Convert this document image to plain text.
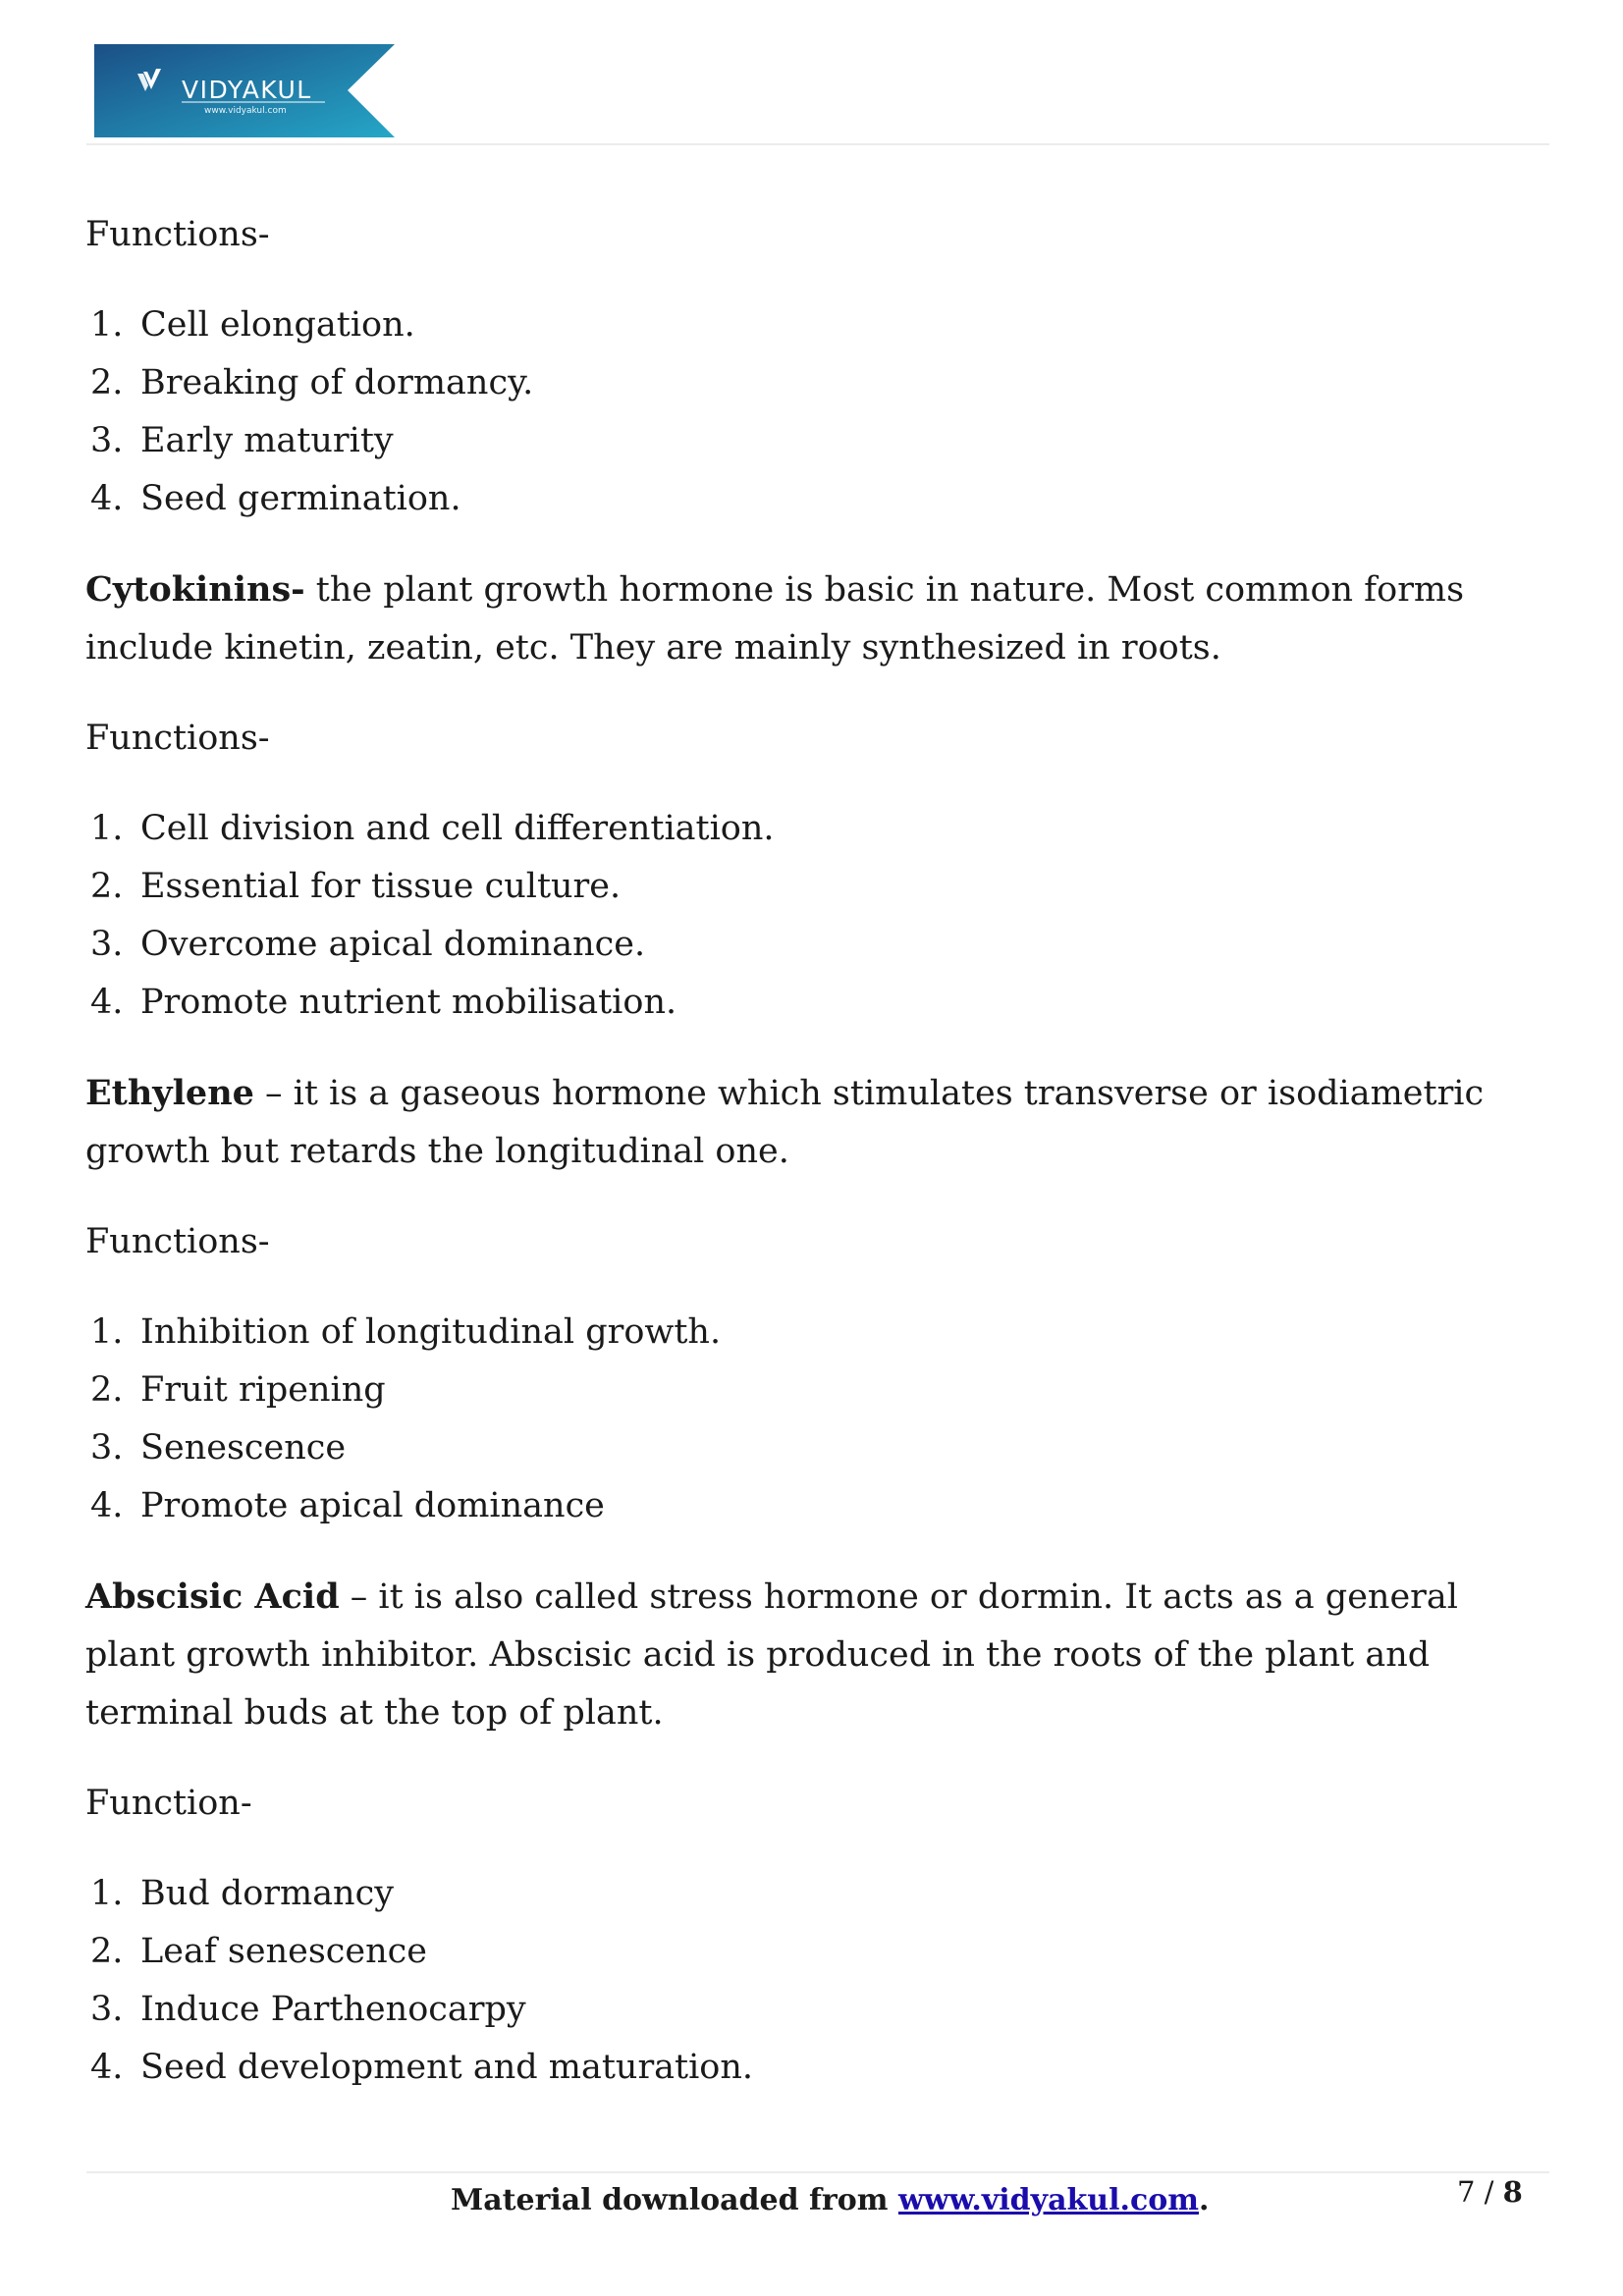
VIDYAKUL
www.vidyakul.com

Functions-

1. Cell elongation.
2. Breaking of dormancy.
3. Early maturity
4. Seed germination.

Cytokinins- the plant growth hormone is basic in nature. Most common forms include kinetin, zeatin, etc. They are mainly synthesized in roots.

Functions-

1. Cell division and cell differentiation.
2. Essential for tissue culture.
3. Overcome apical dominance.
4. Promote nutrient mobilisation.

Ethylene – it is a gaseous hormone which stimulates transverse or isodiametric growth but retards the longitudinal one.

Functions-

1. Inhibition of longitudinal growth.
2. Fruit ripening
3. Senescence
4. Promote apical dominance

Abscisic Acid – it is also called stress hormone or dormin. It acts as a general plant growth inhibitor. Abscisic acid is produced in the roots of the plant and terminal buds at the top of plant.

Function-

1. Bud dormancy
2. Leaf senescence
3. Induce Parthenocarpy
4. Seed development and maturation.
Material downloaded from www.vidyakul.com.	7 / 8
